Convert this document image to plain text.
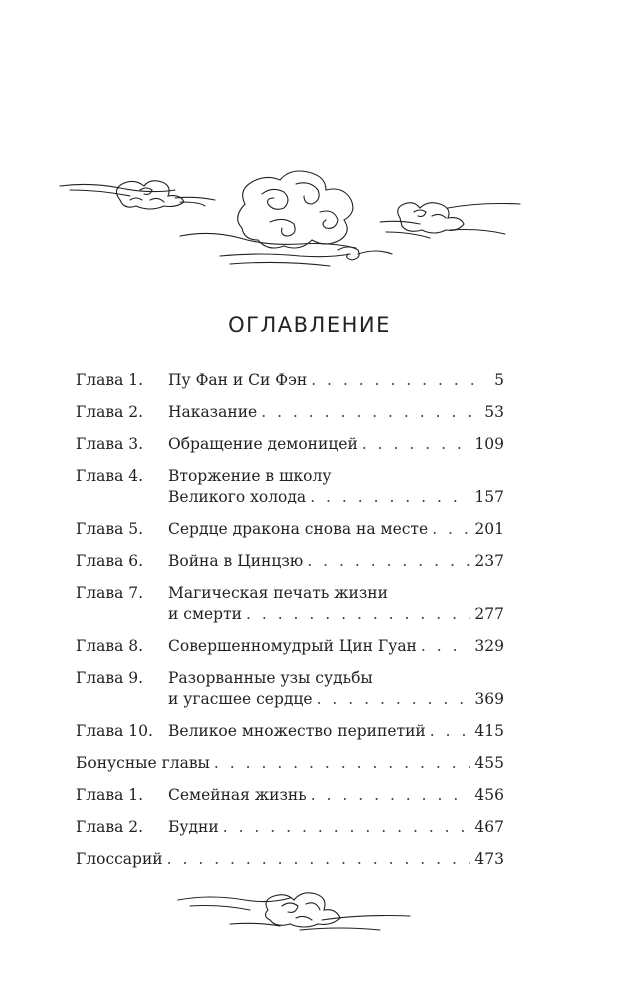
ОГЛАВЛЕНИЕ
Глава 1. Пу Фан и Си Фэн . . .	5
Глава 2. Наказание . . .	53
Глава 3. Обращение демоницей . . .	109
Глава 4. Вторжение в школу
Великого холода . . .	157
Глава 5. Сердце дракона снова на месте . . .	201
Глава 6. Война в Цинцзю . . .	237
Глава 7. Магическая печать жизни
и смерти . . .	277
Глава 8. Совершенномудрый Цин Гуан . . .	329
Глава 9. Разорванные узы судьбы
и угасшее сердце . . .	369
Глава 10. Великое множество перипетий . . .	415
Бонусные главы . . .	455
Глава 1. Семейная жизнь . . .	456
Глава 2. Будни . . .	467
Глоссарий . . .	473
